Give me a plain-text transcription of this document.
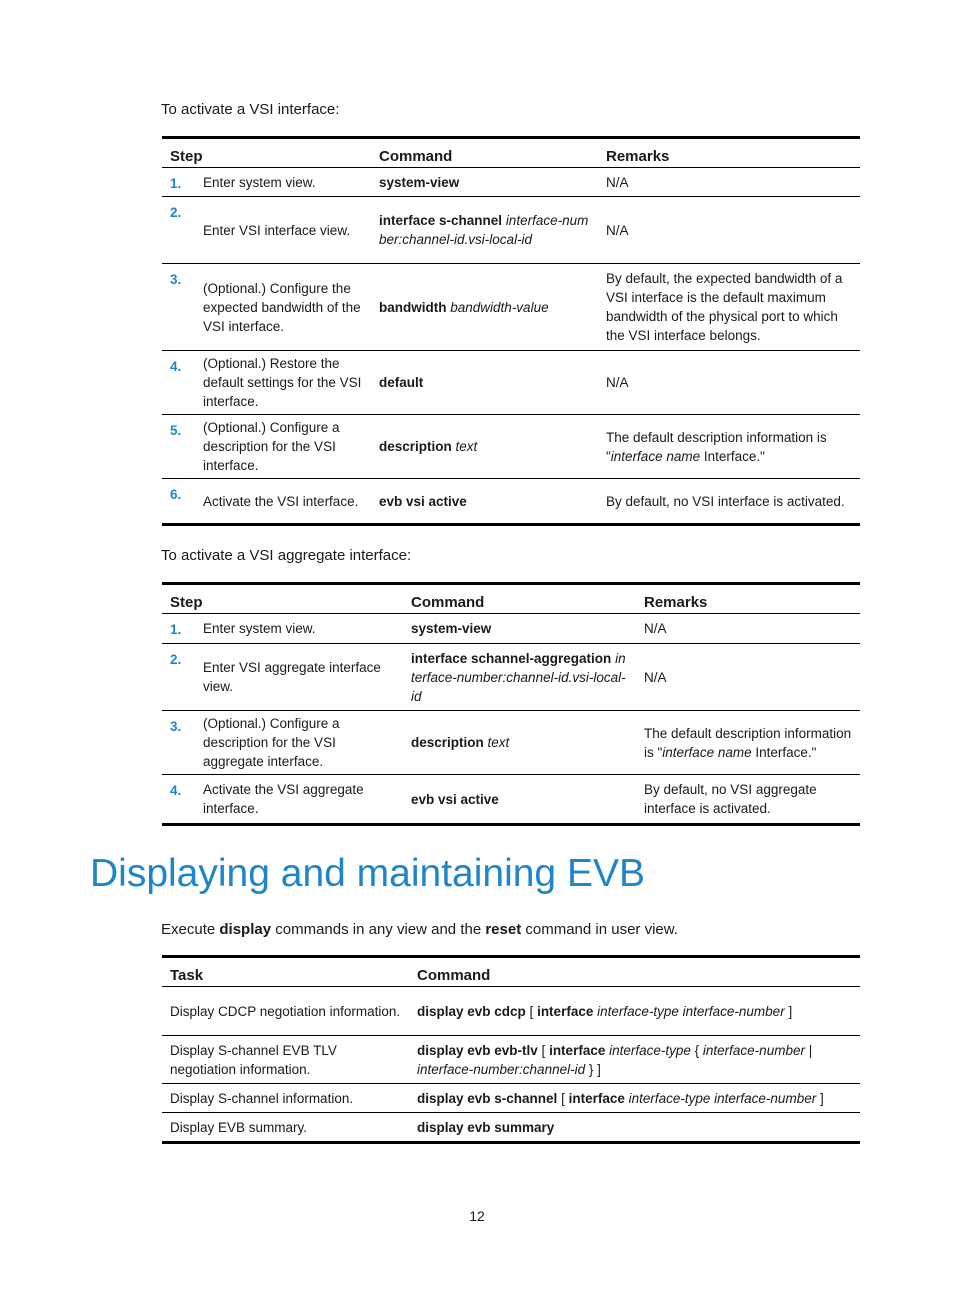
To activate a VSI interface:
Step		Command	Remarks
1.	Enter system view.	system-view	N/A
2.	Enter VSI interface view.	interface s-channel interface-number:channel-id.vsi-local-id	N/A
3.	(Optional.) Configure the expected bandwidth of the VSI interface.	bandwidth bandwidth-value	By default, the expected bandwidth of a VSI interface is the default maximum bandwidth of the physical port to which the VSI interface belongs.
4.	(Optional.) Restore the default settings for the VSI interface.	default	N/A
5.	(Optional.) Configure a description for the VSI interface.	description text	The default description information is "interface name Interface."
6.	Activate the VSI interface.	evb vsi active	By default, no VSI interface is activated.
To activate a VSI aggregate interface:
Step		Command	Remarks
1.	Enter system view.	system-view	N/A
2.	Enter VSI aggregate interface view.	interface schannel-aggregation interface-number:channel-id.vsi-local-id	N/A
3.	(Optional.) Configure a description for the VSI aggregate interface.	description text	The default description information is "interface name Interface."
4.	Activate the VSI aggregate interface.	evb vsi active	By default, no VSI aggregate interface is activated.
Displaying and maintaining EVB
Execute display commands in any view and the reset command in user view.
Task	Command
Display CDCP negotiation information.	display evb cdcp [ interface interface-type interface-number ]
Display S-channel EVB TLV negotiation information.	display evb evb-tlv [ interface interface-type { interface-number | interface-number:channel-id } ]
Display S-channel information.	display evb s-channel [ interface interface-type interface-number ]
Display EVB summary.	display evb summary
12
